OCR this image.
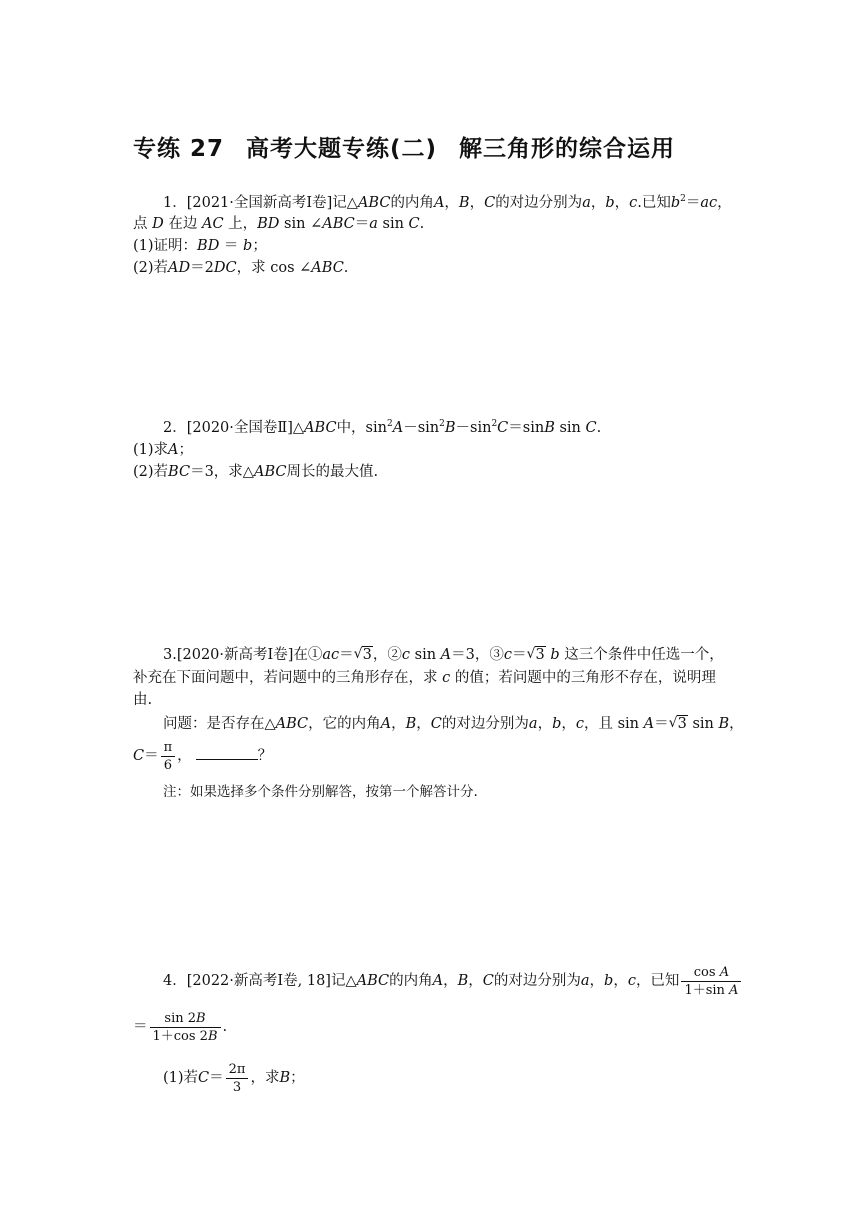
专练 27 高考大题专练(二) 解三角形的综合运用
1．[2021·全国新高考Ⅰ卷]记△ABC的内角A，B，C的对边分别为a，b，c.已知$b^2=ac$，
点 D 在边 AC 上，BD sin ∠ABC＝a sin C.
(1)证明：BD ＝ b；
(2)若AD＝2DC，求 cos ∠ABC.
2．[2020·全国卷Ⅱ]△ABC中，$\sin^2A-\sin^2B-\sin^2C=\sin B$ sin C.
(1)求A；
(2)若BC＝3，求△ABC周长的最大值.
3.[2020·新高考Ⅰ卷]在①ac＝ √ 3，②c sin A＝3，③c＝ √ 3 b 这三个条件中任选一个，
补充在下面问题中，若问题中的三角形存在，求 c 的值；若问题中的三角形不存在，说明理
由.
问题：是否存在△ABC，它的内角A，B，C的对边分别为a，b，c，且 sin A＝ √ 3 sin B，
$C= \frac{\pi}{6}$ ，	？
注：如果选择多个条件分别解答，按第一个解答计分.
4．[2022·新高考Ⅰ卷, 18]记△ABC的内角A，B，C的对边分别为a，b，c，已知 $\frac{\text{cos A}}{\text{1＋sin A}}$
＝ $\frac{\sin 2B}{1+\cos 2B}$ .
(1)若$C= \frac{2\pi}{3}$ ，求B；
